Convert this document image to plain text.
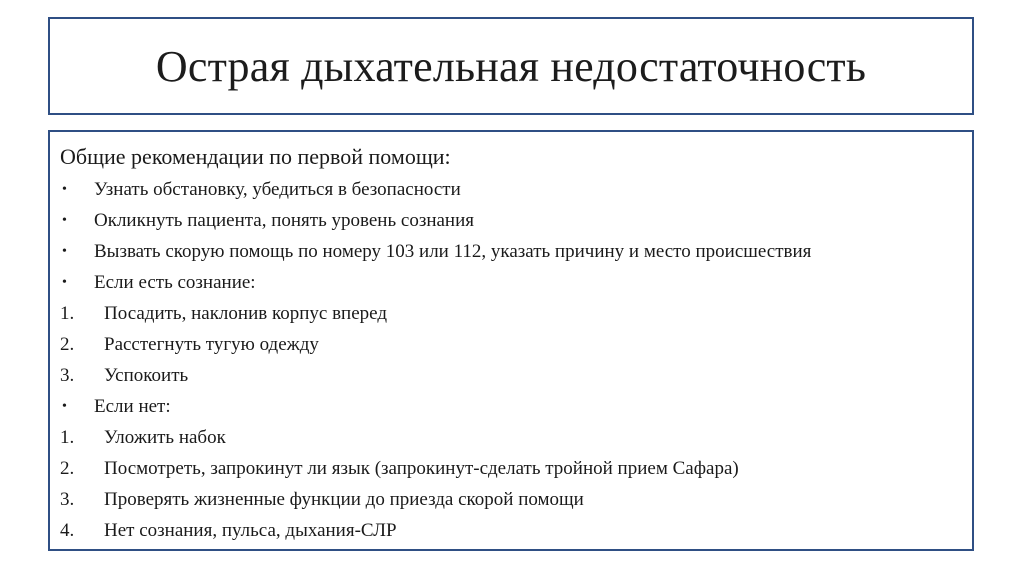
Острая дыхательная недостаточность
Общие рекомендации по первой помощи:
• Узнать обстановку, убедиться в безопасности
• Окликнуть пациента, понять уровень сознания
• Вызвать скорую помощь по номеру 103 или 112, указать причину и место происшествия
• Если есть сознание:
1. Посадить, наклонив корпус вперед
2. Расстегнуть тугую одежду
3. Успокоить
• Если нет:
1. Уложить набок
2. Посмотреть, запрокинут ли язык (запрокинут-сделать тройной прием Сафара)
3. Проверять жизненные функции до приезда скорой помощи
4. Нет сознания, пульса, дыхания-СЛР
